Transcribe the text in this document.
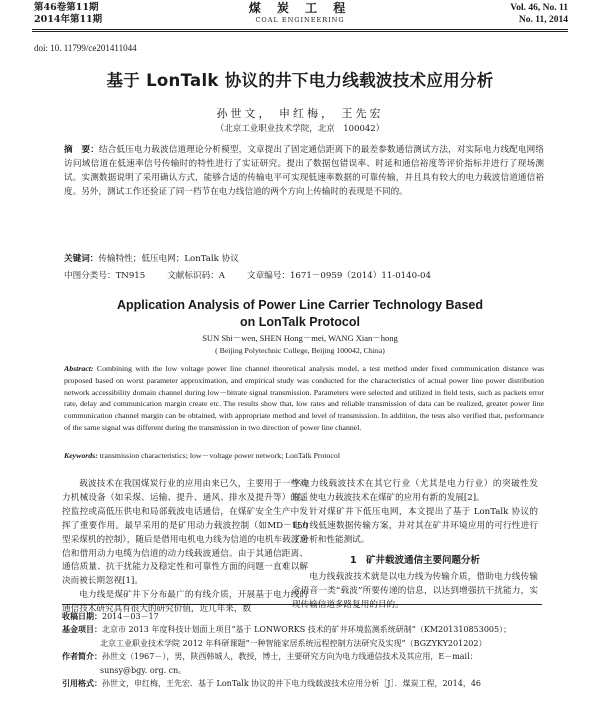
第46卷第11期
2014年第11期
煤 炭 工 程
COAL ENGINEERING
Vol. 46, No. 11
No. 11, 2014
doi: 10. 11799/ce201411044
基于 LonTalk 协议的井下电力线载波技术应用分析
孙世文， 申红梅， 王先宏
（北京工业职业技术学院，北京　100042）
摘　要：结合低压电力载波信道理论分析模型，文章提出了固定通信距离下的最差参数通信测试方法，对实际电力线配电网络访问域信道在低速率信号传输时的特性进行了实证研究。提出了数据包错误率、时延和通信裕度等评价指标并进行了现场测试。实测数据说明了采用确认方式，能够合适的传输电平可实现低速率数据的可靠传输，并且具有较大的电力载波信道通信裕度。另外，测试工作还验证了同一档节在电力线信道的两个方向上传输时的表现是不同的。
关键词：传输特性；低压电网；LonTalk 协议
中图分类号：TN915	文献标识码：A	文章编号：1671－0959（2014）11-0140-04
Application Analysis of Power Line Carrier Technology Based
on LonTalk Protocol
SUN Shi－wen, SHEN Hong－mei, WANG Xian－hong
( Beijing Polytechnic College, Beijing 100042, China)
Abstract: Combining with the low voltage power line channel theoretical analysis model, a test method under fixed communication distance was proposed based on worst parameter approximation, and empirical study was conducted for the characteristics of actual power line power distribution network accessibility domain channel during low－bitrate signal transmission. Parameters were selected and utilized in field tests, such as packets error rate, delay and communication margin create etc. The results show that, low rates and reliable transmission of data can be realized, greater power line communication channel margin can be obtained, with appropriate method and level of transmission. In addition, the tests also verified that, performance of the same signal was different during the transmission in two direction of power line channel.
Keywords: transmission characteristics; low－voltage power network; LonTalk Protocol

载波技术在我国煤炭行业的应用由来已久，主要用于一些动力机械设备（如采煤、运输、提升、通风、排水及提升等）的遥控监控或高低压供电和局部载波电话通信，在煤矿安全生产中发挥了重要作用。最早采用的是矿用动力载波控制（如MD－150型采煤机的控制），随后是借用电机电力线为信道的电机车载波通信和借用动力电缆为信道的动力线载波通信。由于其通信距离、通信质量、抗干扰能力及稳定性和可靠性方面的问题一直难以解决而被长期忽视[1]。

电力线是煤矿井下分布最广的有线介质，开展基于电力线的通信技术研究具有很大的研究价值，近几年来，数

字电力线载波技术在其它行业（尤其是电力行业）的突破性发展，使电力载波技术在煤矿的应用有新的发展[2]。

针对煤矿井下低压电网，本文提出了基于 LonTalk 协议的电力线低速数据传输方案，并对其在矿井环境应用的可行性进行了分析和性能测试。

1　矿井载波通信主要问题分析

电力线载波技术就是以电力线为传输介质，借助电力线传输含语音一类“载波”所要传递的信息，以达到增强抗干扰能力，实现传输信道多路复用的目的。

收稿日期：2014－03－17
基金项目：北京市 2013 年度科技计划面上项目“基于 LONWORKS 技术的矿井环境监测系统研制”（KM201310853005）；
北京工业职业技术学院 2012 年科研课题“一种智能家居系统远程控制方法研究及实现”（BGZYKY201202）
作者简介：孙世文（1967－），男，陕西韩城人，教授，博士，主要研究方向为电力线通信技术及其应用，E－mail：
sunsy@bgy. org. cn。
引用格式：孙世文，申红梅，王先宏．基于 LonTalk 协议的井下电力线载波技术应用分析［J］．煤炭工程，2014，46
